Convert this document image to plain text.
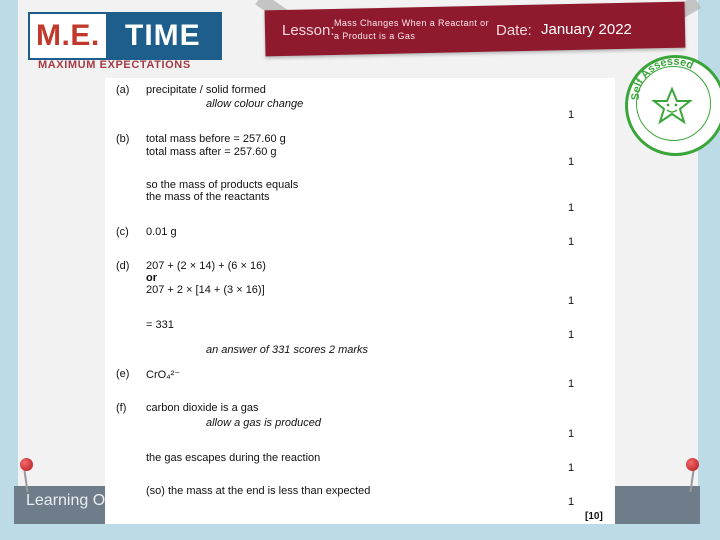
Learning O
M.E. TIME
MAXIMUM EXPECTATIONS
Lesson: Mass Changes When a Reactant or a Product is a Gas	Date: January 2022
Self Assessed
(a) precipitate / solid formed
allow colour change
1
(b) total mass before = 257.60 g
total mass after = 257.60 g
1
so the mass of products equals
the mass of the reactants
1
(c) 0.01 g
1
(d) 207 + (2 × 14) + (6 × 16)
or
207 + 2 × [14 + (3 × 16)]
1
= 331
1
an answer of 331 scores 2 marks
(e) CrO₄²⁻
1
(f) carbon dioxide is a gas
allow a gas is produced
1
the gas escapes during the reaction
1
(so) the mass at the end is less than expected
1
[10]
